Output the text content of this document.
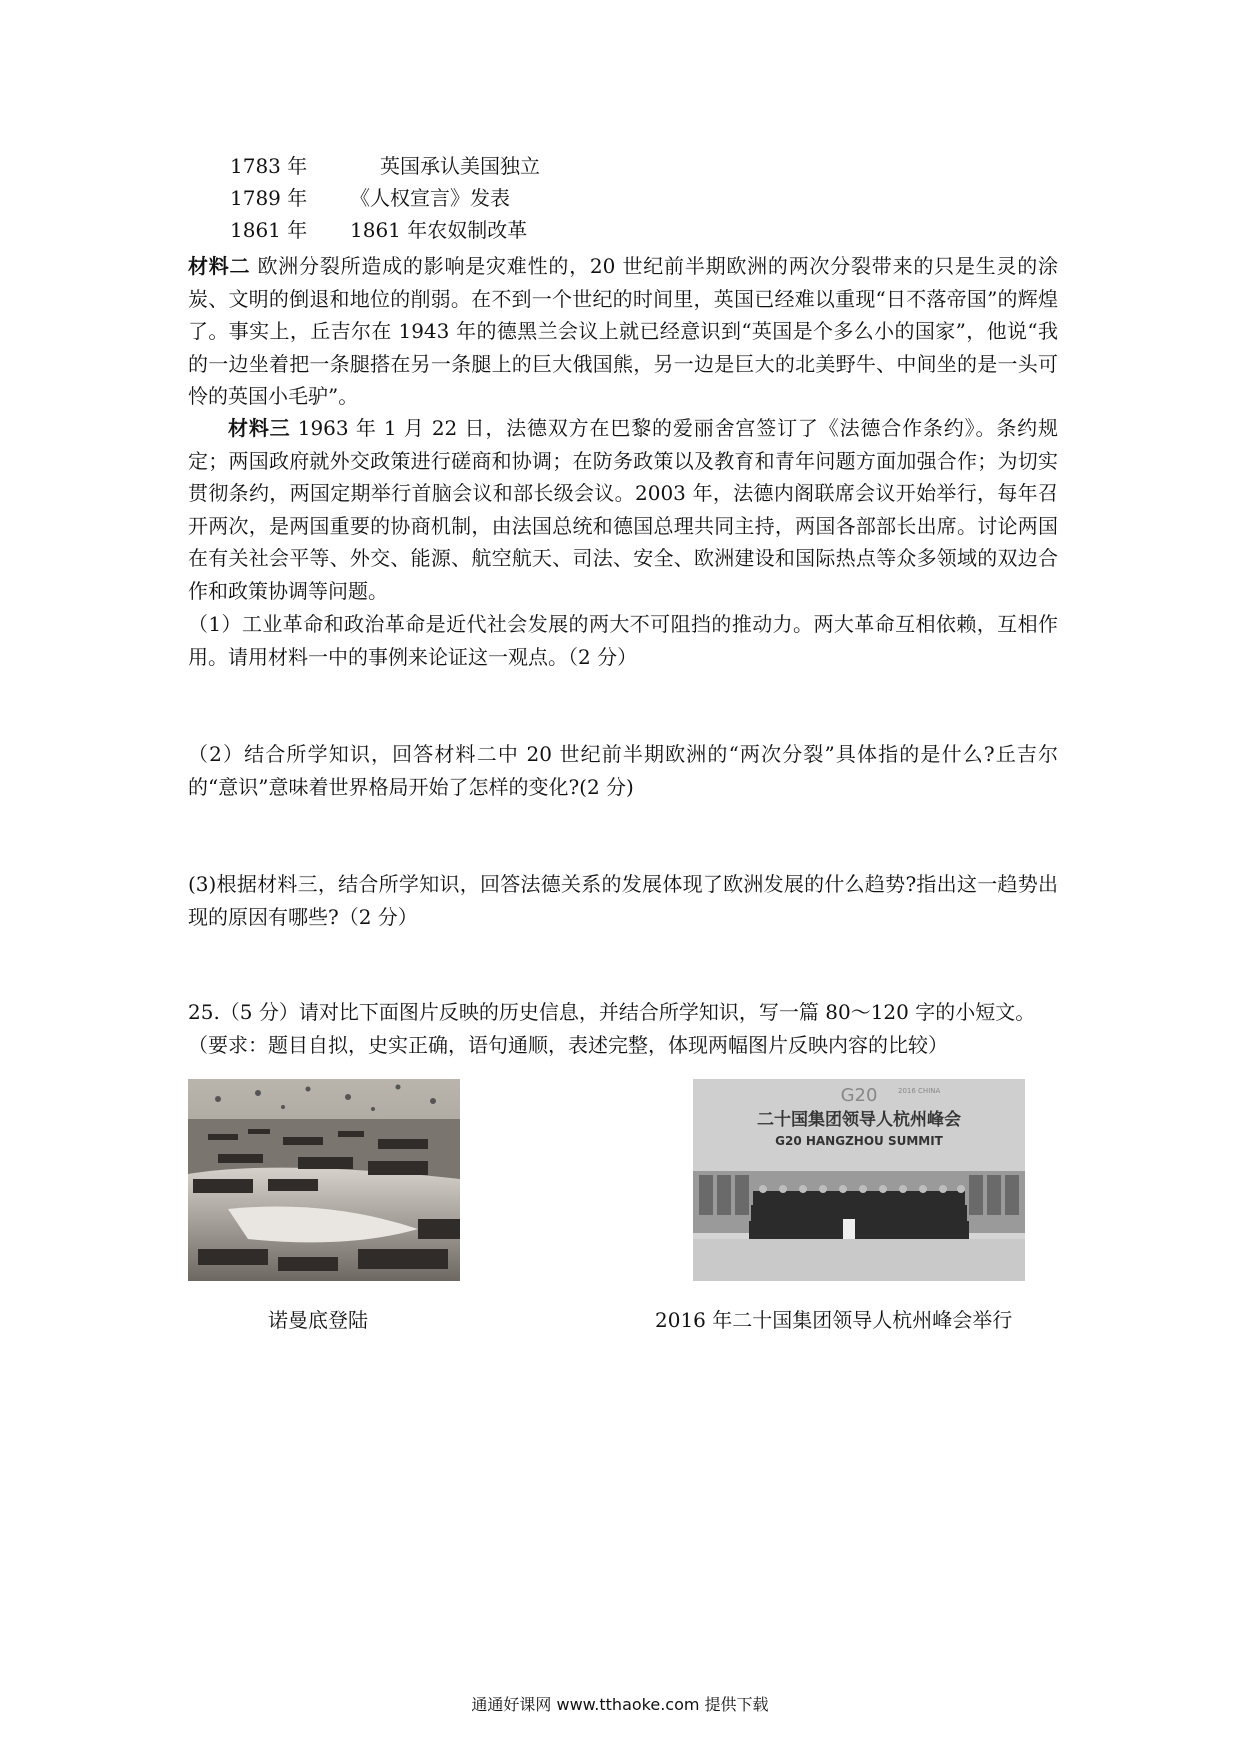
1783 年	英国承认美国独立
1789 年	《人权宣言》发表
1861 年	1861 年农奴制改革
材料二 欧洲分裂所造成的影响是灾难性的，20 世纪前半期欧洲的两次分裂带来的只是生灵的涂炭、文明的倒退和地位的削弱。在不到一个世纪的时间里，英国已经难以重现“日不落帝国”的辉煌了。事实上，丘吉尔在 1943 年的德黑兰会议上就已经意识到“英国是个多么小的国家”，他说“我的一边坐着把一条腿搭在另一条腿上的巨大俄国熊，另一边是巨大的北美野牛、中间坐的是一头可怜的英国小毛驴”。
材料三 1963 年 1 月 22 日，法德双方在巴黎的爱丽舍宫签订了《法德合作条约》。条约规定；两国政府就外交政策进行磋商和协调；在防务政策以及教育和青年问题方面加强合作；为切实贯彻条约，两国定期举行首脑会议和部长级会议。2003 年，法德内阁联席会议开始举行，每年召开两次，是两国重要的协商机制，由法国总统和德国总理共同主持，两国各部部长出席。讨论两国在有关社会平等、外交、能源、航空航天、司法、安全、欧洲建设和国际热点等众多领域的双边合作和政策协调等问题。
（1）工业革命和政治革命是近代社会发展的两大不可阻挡的推动力。两大革命互相依赖，互相作用。请用材料一中的事例来论证这一观点。（2 分）
（2）结合所学知识，回答材料二中 20 世纪前半期欧洲的“两次分裂”具体指的是什么?丘吉尔的“意识”意味着世界格局开始了怎样的变化?(2 分)
(3)根据材料三，结合所学知识，回答法德关系的发展体现了欧洲发展的什么趋势?指出这一趋势出现的原因有哪些?（2 分）
25.（5 分）请对比下面图片反映的历史信息，并结合所学知识，写一篇 80～120 字的小短文。
（要求：题目自拟，史实正确，语句通顺，表述完整，体现两幅图片反映内容的比较）
G20	2016 CHINA
二十国集团领导人杭州峰会
G20 HANGZHOU SUMMIT
诺曼底登陆	2016 年二十国集团领导人杭州峰会举行
通通好课网 www.tthaoke.com 提供下载
